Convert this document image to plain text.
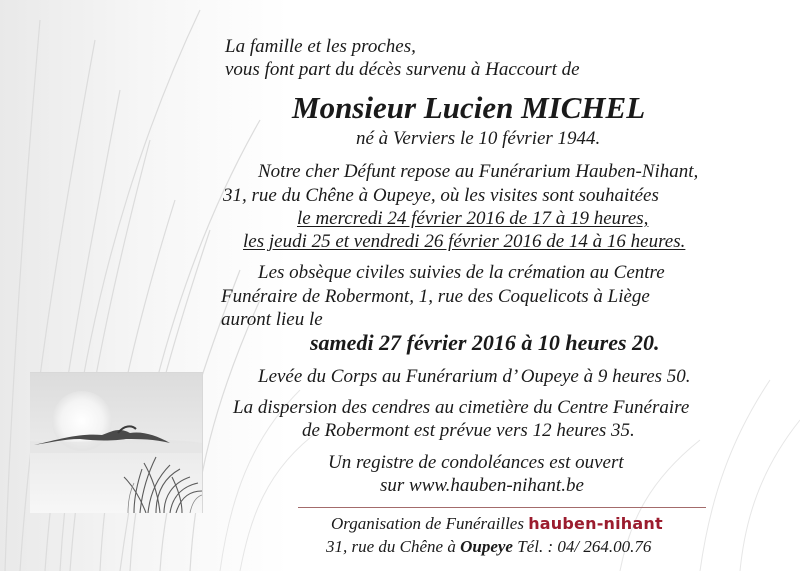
La famille et les proches,
vous font part du décès survenu à Haccourt de
Monsieur Lucien MICHEL
né à Verviers le 10 février 1944.
Notre cher Défunt repose au Funérarium Hauben-Nihant,
31, rue du Chêne à Oupeye, où les visites sont souhaitées
le mercredi 24 février 2016 de 17 à 19 heures,
les jeudi 25 et vendredi 26 février 2016 de 14 à 16 heures.
Les obsèque civiles suivies de la crémation au Centre
Funéraire de Robermont, 1, rue des Coquelicots à Liège
auront lieu le
samedi 27 février 2016 à 10 heures 20.
Levée du Corps au Funérarium d’ Oupeye à 9 heures 50.
La dispersion des cendres au cimetière du Centre Funéraire
de Robermont est prévue vers 12 heures 35.
Un registre de condoléances est ouvert
sur www.hauben-nihant.be
Organisation de Funérailles hauben-nihant
31, rue du Chêne à Oupeye Tél. : 04/ 264.00.76
